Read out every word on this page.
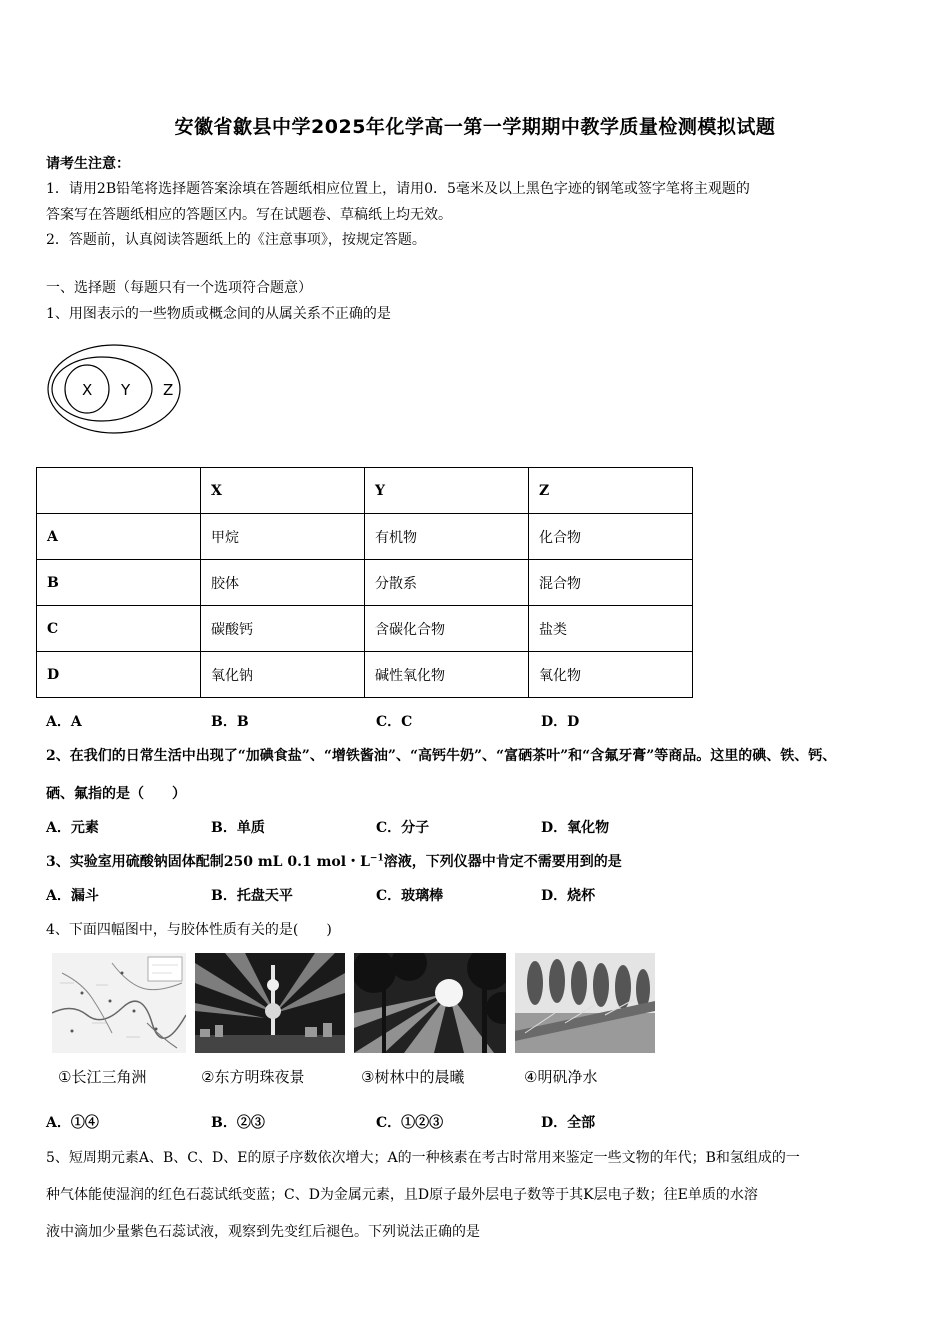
安徽省歙县中学2025年化学高一第一学期期中教学质量检测模拟试题
请考生注意：
1．请用2B铅笔将选择题答案涂填在答题纸相应位置上，请用0．5毫米及以上黑色字迹的钢笔或签字笔将主观题的
答案写在答题纸相应的答题区内。写在试题卷、草稿纸上均无效。
2．答题前，认真阅读答题纸上的《注意事项》，按规定答题。
一、选择题（每题只有一个选项符合题意）
1、用图表示的一些物质或概念间的从属关系不正确的是
X Y Z
	X	Y	Z
A	甲烷	有机物	化合物
B	胶体	分散系	混合物
C	碳酸钙	含碳化合物	盐类
D	氧化钠	碱性氧化物	氧化物
A．A	B．B	C．C	D．D
2、在我们的日常生活中出现了“加碘食盐”、“增铁酱油”、“高钙牛奶”、“富硒茶叶”和“含氟牙膏”等商品。这里的碘、铁、钙、
硒、氟指的是（　　）
A．元素	B．单质	C．分子	D．氧化物
3、实验室用硫酸钠固体配制250 mL 0.1 mol・$L^{-1}$溶液，下列仪器中肯定不需要用到的是
A．漏斗	B．托盘天平	C．玻璃棒	D．烧杯
4、下面四幅图中，与胶体性质有关的是(　　)
①长江三角洲	②东方明珠夜景	③树林中的晨曦	④明矾净水
A．①④	B．②③	C．①②③	D．全部
5、短周期元素A、B、C、D、E的原子序数依次增大；A的一种核素在考古时常用来鉴定一些文物的年代；B和氢组成的一
种气体能使湿润的红色石蕊试纸变蓝；C、D为金属元素，且D原子最外层电子数等于其K层电子数；往E单质的水溶
液中滴加少量紫色石蕊试液，观察到先变红后褪色。下列说法正确的是
